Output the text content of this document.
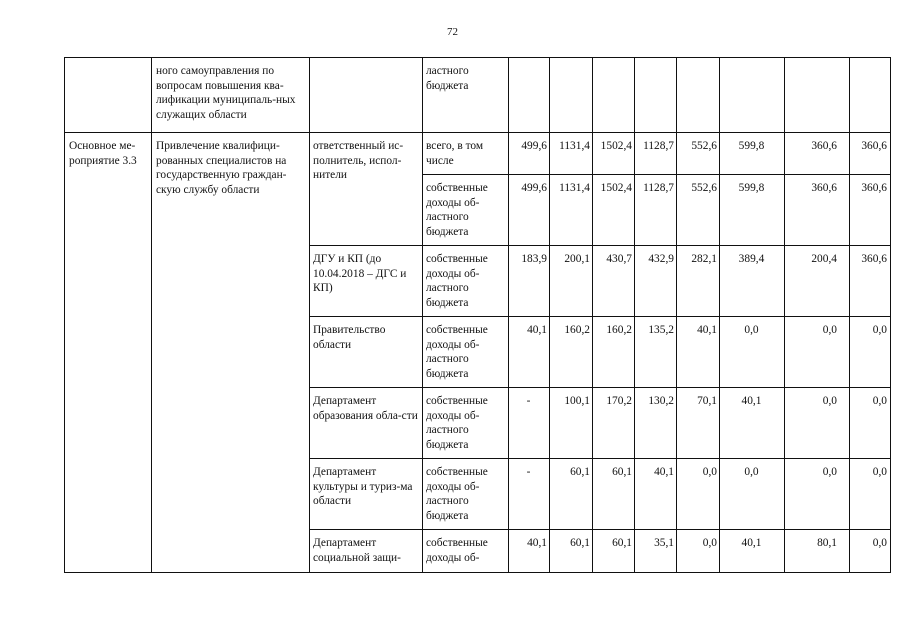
72
	ного самоуправления по вопросам повышения ква-лификации муниципаль-ных служащих области		ластного бюджета								
Основное ме-роприятие 3.3	Привлечение квалифици-рованных специалистов на государственную граждан-скую службу области	ответственный ис-полнитель, испол-нители	всего, в том числе	499,6	1131,4	1502,4	1128,7	552,6	599,8	360,6	360,6
			собственные доходы об-ластного бюджета	499,6	1131,4	1502,4	1128,7	552,6	599,8	360,6	360,6
		ДГУ и КП (до 10.04.2018 – ДГС и КП)	собственные доходы об-ластного бюджета	183,9	200,1	430,7	432,9	282,1	389,4	200,4	360,6
		Правительство области	собственные доходы об-ластного бюджета	40,1	160,2	160,2	135,2	40,1	0,0	0,0	0,0
		Департамент образования обла-сти	собственные доходы об-ластного бюджета	-	100,1	170,2	130,2	70,1	40,1	0,0	0,0
		Департамент культуры и туриз-ма области	собственные доходы об-ластного бюджета	-	60,1	60,1	40,1	0,0	0,0	0,0	0,0
		Департамент социальной защи-	собственные доходы об-	40,1	60,1	60,1	35,1	0,0	40,1	80,1	0,0
